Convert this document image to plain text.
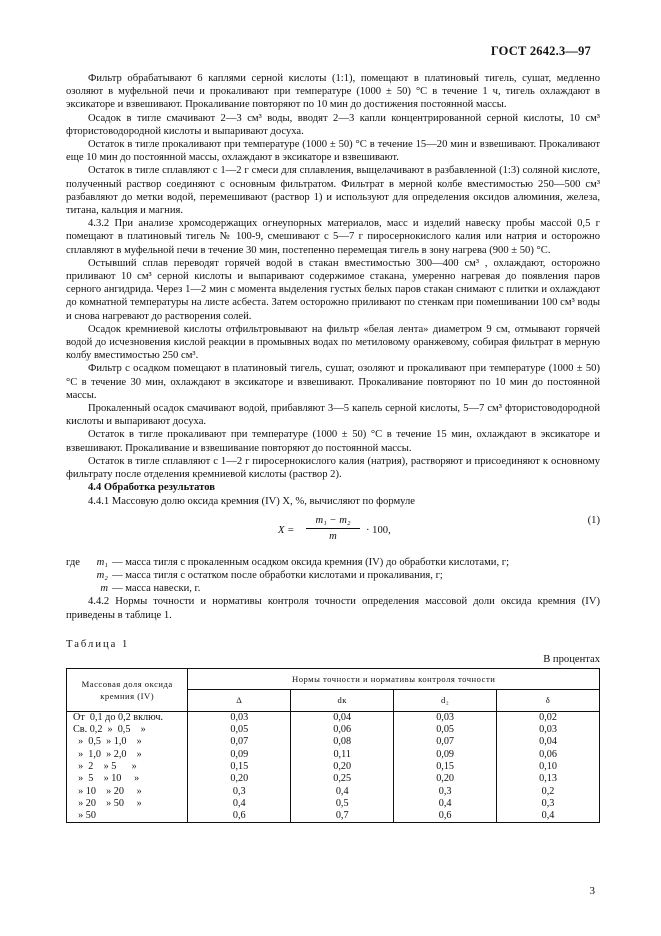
ГОСТ 2642.3—97

Фильтр обрабатывают 6 каплями серной кислоты (1:1), помещают в платиновый тигель, сушат, медленно озоляют в муфельной печи и прокаливают при температуре (1000 ± 50) °С в течение 1 ч, тигель охлаждают в эксикаторе и взвешивают. Прокаливание повторяют по 10 мин до достижения постоянной массы.

Осадок в тигле смачивают 2—3 см³ воды, вводят 2—3 капли концентрированной серной кислоты, 10 см³ фтористоводородной кислоты и выпаривают досуха.

Остаток в тигле прокаливают при температуре (1000 ± 50) °С в течение 15—20 мин и взвешивают. Прокаливают еще 10 мин до постоянной массы, охлаждают в эксикаторе и взвешивают.

Остаток в тигле сплавляют с 1—2 г смеси для сплавления, выщелачивают в разбавленной (1:3) соляной кислоте, полученный раствор соединяют с основным фильтратом. Фильтрат в мерной колбе вместимостью 250—500 см³ разбавляют до метки водой, перемешивают (раствор 1) и используют для определения оксидов алюминия, железа, титана, кальция и магния.

4.3.2 При анализе хромсодержащих огнеупорных материалов, масс и изделий навеску пробы массой 0,5 г помещают в платиновый тигель № 100-9, смешивают с 5—7 г пиросернокислого калия или натрия и осторожно сплавляют в муфельной печи в течение 30 мин, постепенно перемещая тигель в зону нагрева (900 ± 50) °С.

Остывший сплав переводят горячей водой в стакан вместимостью 300—400 см³ , охлаждают, осторожно приливают 10 см³ серной кислоты и выпаривают содержимое стакана, умеренно нагревая до появления паров серного ангидрида. Через 1—2 мин с момента выделения густых белых паров стакан снимают с плитки и охлаждают до комнатной температуры на листе асбеста. Затем осторожно приливают по стенкам при помешивании 100 см³ воды и снова нагревают до растворения солей.

Осадок кремниевой кислоты отфильтровывают на фильтр «белая лента» диаметром 9 см, отмывают горячей водой до исчезновения кислой реакции в промывных водах по метиловому оранжевому, собирая фильтрат в мерную колбу вместимостью 250 см³.

Фильтр с осадком помещают в платиновый тигель, сушат, озоляют и прокаливают при температуре (1000 ± 50) °С в течение 30 мин, охлаждают в эксикаторе и взвешивают. Прокаливание повторяют по 10 мин до постоянной массы.

Прокаленный осадок смачивают водой, прибавляют 3—5 капель серной кислоты, 5—7 см³ фтористоводородной кислоты и выпаривают досуха.

Остаток в тигле прокаливают при температуре (1000 ± 50) °С в течение 15 мин, охлаждают в эксикаторе и взвешивают. Прокаливание и взвешивание повторяют до постоянной массы.

Остаток в тигле сплавляют с 1—2 г пиросернокислого калия (натрия), растворяют и присоединяют к основному фильтрату после отделения кремниевой кислоты (раствор 2).

4.4 Обработка результатов

4.4.1 Массовую долю оксида кремния (IV) X, %, вычисляют по формуле

$X = \frac{\text{m₁ − m₂}}{m} \cdot 100$,
(1)
где	m₁ — масса тигля с прокаленным осадком оксида кремния (IV) до обработки кислотами, г;
m₂ — масса тигля с остатком после обработки кислотами и прокаливания, г;
m — масса навески, г.

4.4.2 Нормы точности и нормативы контроля точности определения массовой доли оксида кремния (IV) приведены в таблице 1.

Таблица 1
В процентах
Массовая доля оксида кремния (IV)	Нормы точности и нормативы контроля точности			
	Δ	dк	d₂	δ
От  0,1 до 0,2 включ.	0,03	0,04	0,03	0,02
Св. 0,2  »  0,5    »	0,05	0,06	0,05	0,03
»  0,5  » 1,0    »	0,07	0,08	0,07	0,04
»  1,0  » 2,0    »	0,09	0,11	0,09	0,06
»  2    » 5      »	0,15	0,20	0,15	0,10
»  5    » 10     »	0,20	0,25	0,20	0,13
» 10    » 20     »	0,3	0,4	0,3	0,2
» 20    » 50     »	0,4	0,5	0,4	0,3
» 50	0,6	0,7	0,6	0,4
3
